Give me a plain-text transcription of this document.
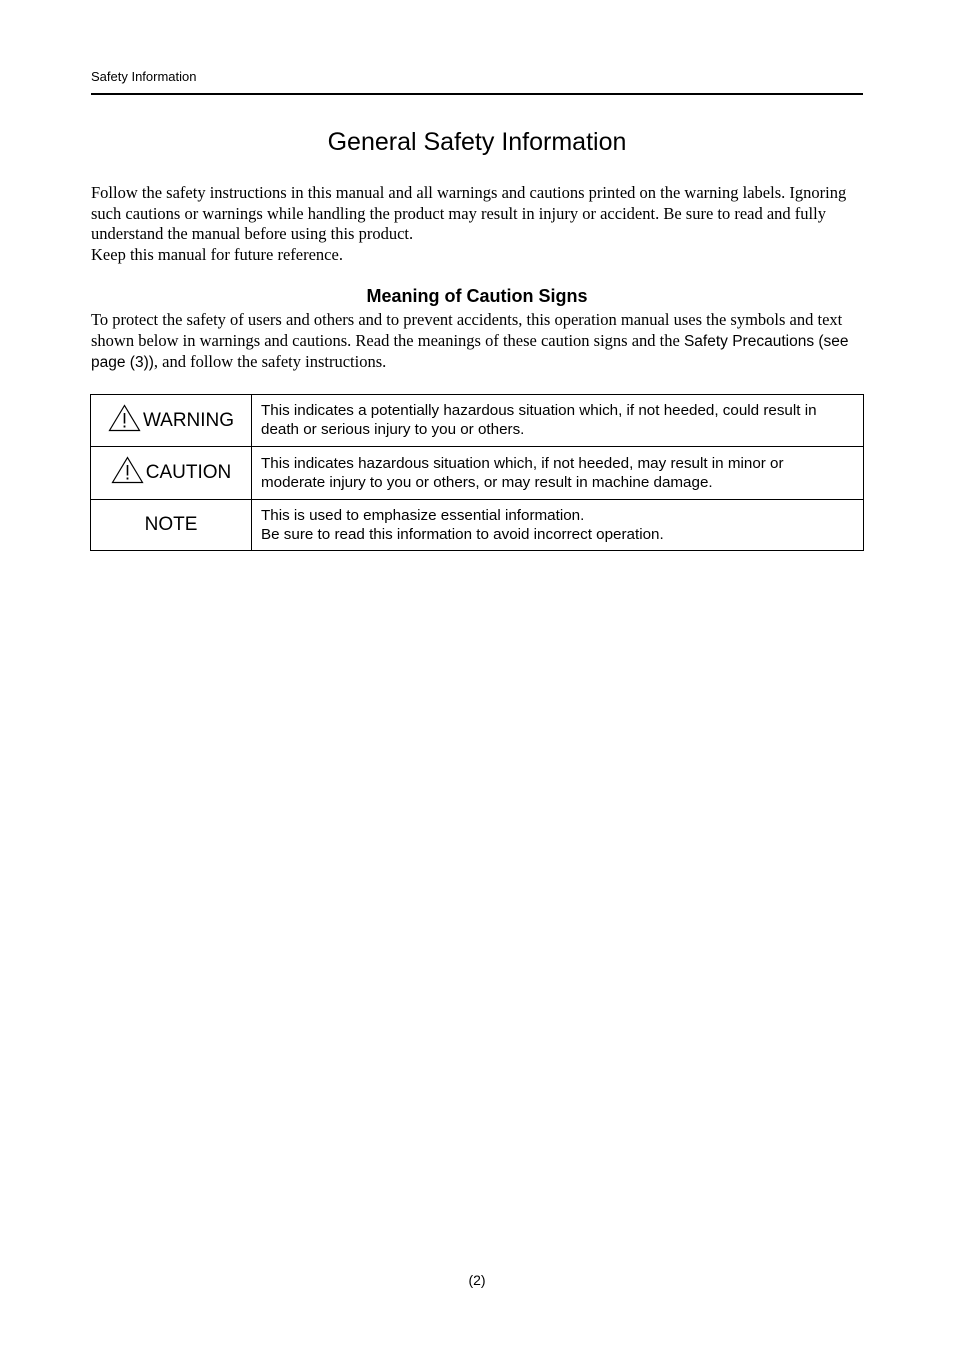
Safety Information
General Safety Information

Follow the safety instructions in this manual and all warnings and cautions printed on the warning labels. Ignoring such cautions or warnings while handling the product may result in injury or accident. Be sure to read and fully understand the manual before using this product.

Keep this manual for future reference.

Meaning of Caution Signs

To protect the safety of users and others and to prevent accidents, this operation manual uses the symbols and text shown below in warnings and cautions. Read the meanings of these caution signs and the Safety Precautions (see page (3)), and follow the safety instructions.

WARNING	This indicates a potentially hazardous situation which, if not heeded, could result in
death or serious injury to you or others.

CAUTION	This indicates hazardous situation which, if not heeded, may result in minor or
moderate injury to you or others, or may result in machine damage.

NOTE	This is used to emphasize essential information.
Be sure to read this information to avoid incorrect operation.
(2)
